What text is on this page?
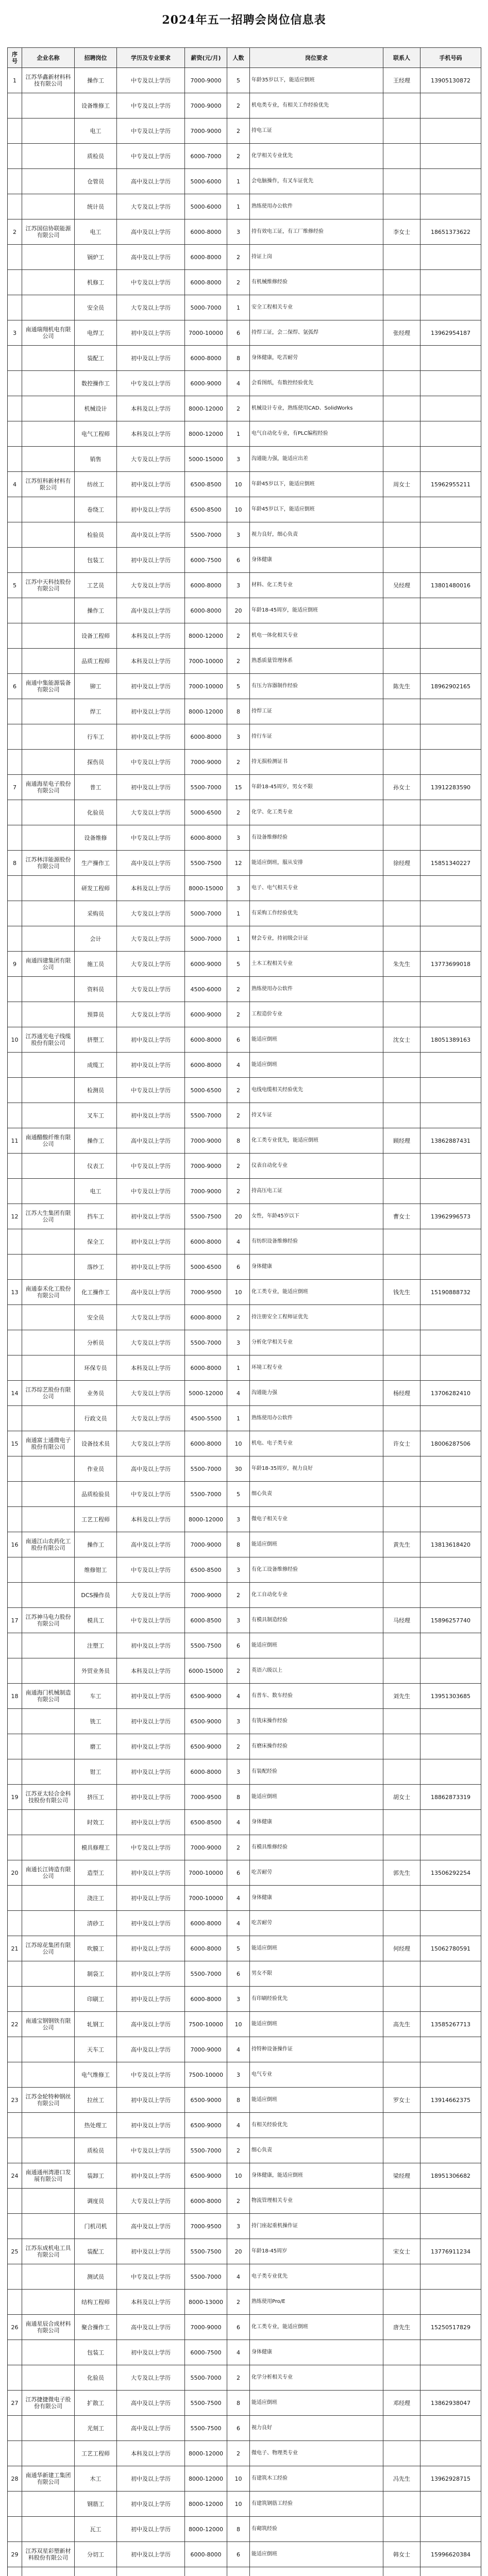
2024年五一招聘会岗位信息表
序号	企业名称	招聘岗位	学历及专业要求	薪资(元/月)	人数	岗位要求	联系人	手机号码
1	江苏华鑫新材料科技有限公司	操作工	中专及以上学历	7000-9000	5	年龄35岁以下，能适应倒班	王经理	13905130872
		设备维修工	中专及以上学历	7000-9000	2	机电类专业，有相关工作经验优先		
		电工	中专及以上学历	7000-9000	2	持电工证		
		质检员	中专及以上学历	6000-7000	2	化学相关专业优先		
		仓管员	高中及以上学历	5000-6000	1	会电脑操作，有叉车证优先		
		统计员	大专及以上学历	5000-6000	1	熟练使用办公软件		
2	江苏国信协联能源有限公司	电工	高中及以上学历	6000-8000	3	持有效电工证，有工厂维修经验	李女士	18651373622
		锅炉工	高中及以上学历	6000-8000	2	持证上岗		
		机修工	中专及以上学历	6000-8000	2	有机械维修经验		
		安全员	大专及以上学历	5000-7000	1	安全工程相关专业		
3	南通瑞翔机电有限公司	电焊工	初中及以上学历	7000-10000	6	持焊工证，会二保焊、氩弧焊	张经理	13962954187
		装配工	初中及以上学历	6000-8000	8	身体健康，吃苦耐劳		
		数控操作工	中专及以上学历	6000-9000	4	会看图纸，有数控经验优先		
		机械设计	本科及以上学历	8000-12000	2	机械设计专业，熟练使用CAD、SolidWorks		
		电气工程师	本科及以上学历	8000-12000	1	电气自动化专业，有PLC编程经验		
		销售	大专及以上学历	5000-15000	3	沟通能力强，能适应出差		
4	江苏恒科新材料有限公司	纺丝工	初中及以上学历	6500-8500	10	年龄45岁以下，能适应倒班	周女士	15962955211
		卷绕工	初中及以上学历	6500-8500	10	年龄45岁以下，能适应倒班		
		检验员	高中及以上学历	5500-7000	3	视力良好，细心负责		
		包装工	初中及以上学历	6000-7500	6	身体健康		
5	江苏中天科技股份有限公司	工艺员	大专及以上学历	6000-8000	3	材料、化工类专业	吴经理	13801480016
		操作工	高中及以上学历	6000-8000	20	年龄18-45周岁，能适应倒班		
		设备工程师	本科及以上学历	8000-12000	2	机电一体化相关专业		
		品质工程师	本科及以上学历	7000-10000	2	熟悉质量管理体系		
6	南通中集能源装备有限公司	铆工	初中及以上学历	7000-10000	5	有压力容器制作经验	陈先生	18962902165
		焊工	初中及以上学历	8000-12000	8	持焊工证		
		行车工	初中及以上学历	6000-8000	3	持行车证		
		探伤员	中专及以上学历	7000-9000	2	持无损检测证书		
7	南通海星电子股份有限公司	普工	初中及以上学历	5500-7000	15	年龄18-45周岁，男女不限	孙女士	13912283590
		化验员	大专及以上学历	5000-6500	2	化学、化工类专业		
		设备维修	中专及以上学历	6000-8000	3	有设备维修经验		
8	江苏林洋能源股份有限公司	生产操作工	高中及以上学历	5500-7500	12	能适应倒班，服从安排	徐经理	15851340227
		研发工程师	本科及以上学历	8000-15000	3	电子、电气相关专业		
		采购员	大专及以上学历	5000-7000	1	有采购工作经验优先		
		会计	大专及以上学历	5000-7000	1	财会专业，持初级会计证		
9	南通四建集团有限公司	施工员	大专及以上学历	6000-9000	5	土木工程相关专业	朱先生	13773699018
		资料员	大专及以上学历	4500-6000	2	熟练使用办公软件		
		预算员	大专及以上学历	6000-9000	2	工程造价专业		
10	江苏通光电子线缆股份有限公司	挤塑工	初中及以上学历	6000-8000	6	能适应倒班	沈女士	18051389163
		成缆工	初中及以上学历	6000-8000	4	能适应倒班		
		检测员	中专及以上学历	5000-6500	2	电线电缆相关经验优先		
		叉车工	初中及以上学历	5500-7000	2	持叉车证		
11	南通醋酸纤维有限公司	操作工	高中及以上学历	7000-9000	8	化工类专业优先，能适应倒班	顾经理	13862887431
		仪表工	中专及以上学历	7000-9000	2	仪表自动化专业		
		电工	中专及以上学历	7000-9000	2	持高压电工证		
12	江苏大生集团有限公司	挡车工	初中及以上学历	5500-7500	20	女性，年龄45岁以下	曹女士	13962996573
		保全工	初中及以上学历	6000-8000	4	有纺织设备维修经验		
		落纱工	初中及以上学历	5000-6500	6	身体健康		
13	南通泰禾化工股份有限公司	化工操作工	高中及以上学历	7000-9500	10	化工类专业，能适应倒班	钱先生	15190888732
		安全员	大专及以上学历	6000-8000	2	持注册安全工程师证优先		
		分析员	大专及以上学历	5500-7000	3	分析化学相关专业		
		环保专员	本科及以上学历	6000-8000	1	环境工程专业		
14	江苏综艺股份有限公司	业务员	大专及以上学历	5000-12000	4	沟通能力强	杨经理	13706282410
		行政文员	大专及以上学历	4500-5500	1	熟练使用办公软件		
15	南通富士通微电子股份有限公司	设备技术员	大专及以上学历	6000-8000	10	机电、电子类专业	许女士	18006287506
		作业员	高中及以上学历	5500-7000	30	年龄18-35周岁，视力良好		
		品质检验员	中专及以上学历	5500-7000	5	细心负责		
		工艺工程师	本科及以上学历	8000-12000	3	微电子相关专业		
16	南通江山农药化工股份有限公司	操作工	高中及以上学历	7000-9000	8	能适应倒班	黄先生	13813618420
		维修钳工	中专及以上学历	6500-8500	3	有化工设备维修经验		
		DCS操作员	大专及以上学历	7000-9000	2	化工自动化专业		
17	江苏神马电力股份有限公司	模具工	中专及以上学历	6000-8500	3	有模具制造经验	马经理	15896257740
		注塑工	初中及以上学历	5500-7500	6	能适应倒班		
		外贸业务员	本科及以上学历	6000-15000	2	英语六级以上		
18	南通海门机械制造有限公司	车工	初中及以上学历	6500-9000	4	有普车、数车经验	刘先生	13951303685
		铣工	初中及以上学历	6500-9000	3	有铣床操作经验		
		磨工	初中及以上学历	6500-9000	2	有磨床操作经验		
		钳工	初中及以上学历	6000-8000	3	有装配经验		
19	江苏亚太轻合金科技股份有限公司	挤压工	初中及以上学历	7000-9500	8	能适应倒班	胡女士	18862873319
		时效工	初中及以上学历	6500-8500	4	身体健康		
		模具修理工	中专及以上学历	7000-9000	2	有模具维修经验		
20	南通长江铸造有限公司	造型工	初中及以上学历	7000-10000	6	吃苦耐劳	郭先生	13506292254
		浇注工	初中及以上学历	7000-10000	4	身体健康		
		清砂工	初中及以上学历	6000-8000	4	吃苦耐劳		
21	江苏琼花集团有限公司	吹膜工	初中及以上学历	6000-8000	5	能适应倒班	何经理	15062780591
		制袋工	初中及以上学历	5500-7000	6	男女不限		
		印刷工	初中及以上学历	6000-8000	3	有印刷经验优先		
22	南通宝钢钢铁有限公司	轧钢工	高中及以上学历	7500-10000	10	能适应倒班	高先生	13585267713
		天车工	高中及以上学历	7000-9000	4	持特种设备操作证		
		电气维修工	中专及以上学历	7500-10000	3	电气专业		
23	江苏金轮特种钢丝有限公司	拉丝工	初中及以上学历	6500-9000	8	能适应倒班	罗女士	13914662375
		热处理工	初中及以上学历	6500-9000	4	有相关经验优先		
		质检员	中专及以上学历	5500-7000	2	细心负责		
24	南通通州湾港口发展有限公司	装卸工	初中及以上学历	6500-9000	10	身体健康，能适应倒班	梁经理	18951306682
		调度员	大专及以上学历	6000-8000	2	物流管理相关专业		
		门机司机	高中及以上学历	7000-9500	3	持门座起重机操作证		
25	江苏东成机电工具有限公司	装配工	初中及以上学历	5500-7500	20	年龄18-45周岁	宋女士	13776911234
		测试员	中专及以上学历	5500-7000	4	电子类专业优先		
		结构工程师	本科及以上学历	8000-13000	2	熟练使用Pro/E		
26	南通星辰合成材料有限公司	聚合操作工	高中及以上学历	7000-9000	6	化工类专业，能适应倒班	唐先生	15250517829
		包装工	初中及以上学历	6000-7500	4	身体健康		
		化验员	大专及以上学历	5500-7000	2	化学分析相关专业		
27	江苏捷捷微电子股份有限公司	扩散工	高中及以上学历	5500-7500	8	能适应倒班	邓经理	13862938047
		光刻工	高中及以上学历	5500-7500	6	视力良好		
		工艺工程师	本科及以上学历	8000-12000	2	微电子、物理类专业		
28	南通华新建工集团有限公司	木工	初中及以上学历	8000-12000	10	有建筑木工经验	冯先生	13962928715
		钢筋工	初中及以上学历	8000-12000	10	有建筑钢筋工经验		
		瓦工	初中及以上学历	8000-12000	8	有砌筑经验		
29	江苏双星彩塑新材料股份有限公司	分切工	初中及以上学历	6000-8000	6	能适应倒班	韩女士	15996620384
